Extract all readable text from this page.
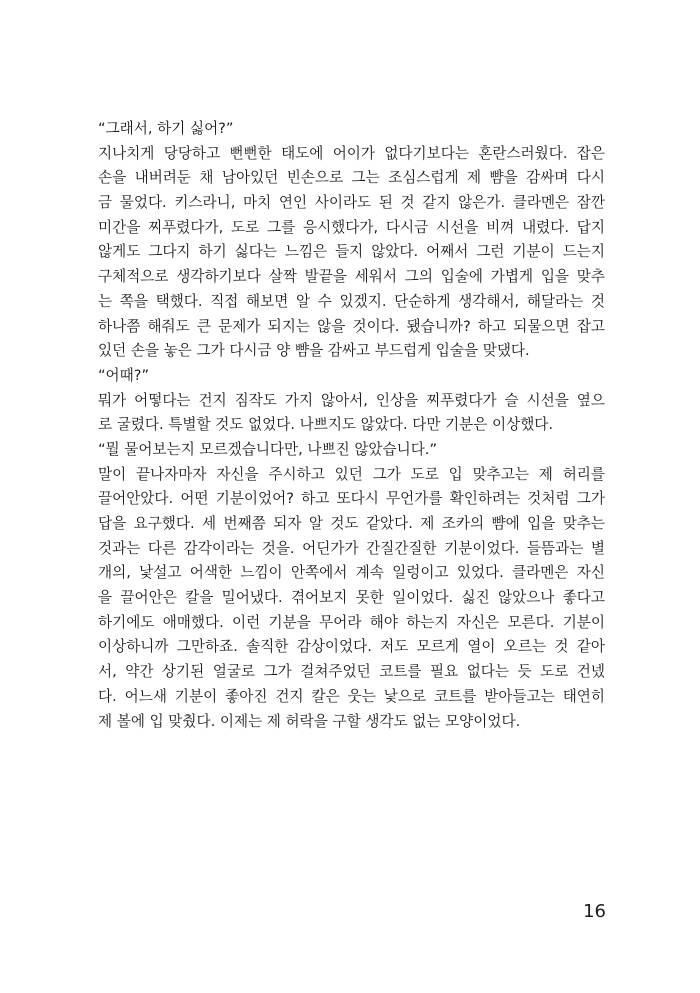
“그래서, 하기 싫어?”
지나치게 당당하고 뻔뻔한 태도에 어이가 없다기보다는 혼란스러웠다. 잡은
손을 내버려둔 채 남아있던 빈손으로 그는 조심스럽게 제 뺨을 감싸며 다시
금 물었다. 키스라니, 마치 연인 사이라도 된 것 같지 않은가. 클라멘은 잠깐
미간을 찌푸렸다가, 도로 그를 응시했다가, 다시금 시선을 비껴 내렸다. 답지
않게도 그다지 하기 싫다는 느낌은 들지 않았다. 어째서 그런 기분이 드는지
구체적으로 생각하기보다 살짝 발끝을 세워서 그의 입술에 가볍게 입을 맞추
는 쪽을 택했다. 직접 해보면 알 수 있겠지. 단순하게 생각해서, 해달라는 것
하나쯤 해줘도 큰 문제가 되지는 않을 것이다. 됐습니까? 하고 되물으면 잡고
있던 손을 놓은 그가 다시금 양 뺨을 감싸고 부드럽게 입술을 맞댔다.
“어때?”
뭐가 어떻다는 건지 짐작도 가지 않아서, 인상을 찌푸렸다가 슬 시선을 옆으
로 굴렸다. 특별할 것도 없었다. 나쁘지도 않았다. 다만 기분은 이상했다.
“뭘 물어보는지 모르겠습니다만, 나쁘진 않았습니다.”
말이 끝나자마자 자신을 주시하고 있던 그가 도로 입 맞추고는 제 허리를
끌어안았다. 어떤 기분이었어? 하고 또다시 무언가를 확인하려는 것처럼 그가
답을 요구했다. 세 번째쯤 되자 알 것도 같았다. 제 조카의 뺨에 입을 맞추는
것과는 다른 감각이라는 것을. 어딘가가 간질간질한 기분이었다. 들뜸과는 별
개의, 낯설고 어색한 느낌이 안쪽에서 계속 일렁이고 있었다. 클라멘은 자신
을 끌어안은 칼을 밀어냈다. 겪어보지 못한 일이었다. 싫진 않았으나 좋다고
하기에도 애매했다. 이런 기분을 무어라 해야 하는지 자신은 모른다. 기분이
이상하니까 그만하죠. 솔직한 감상이었다. 저도 모르게 열이 오르는 것 같아
서, 약간 상기된 얼굴로 그가 걸쳐주었던 코트를 필요 없다는 듯 도로 건넸
다. 어느새 기분이 좋아진 건지 칼은 웃는 낯으로 코트를 받아들고는 태연히
제 볼에 입 맞췄다. 이제는 제 허락을 구할 생각도 없는 모양이었다.
16
